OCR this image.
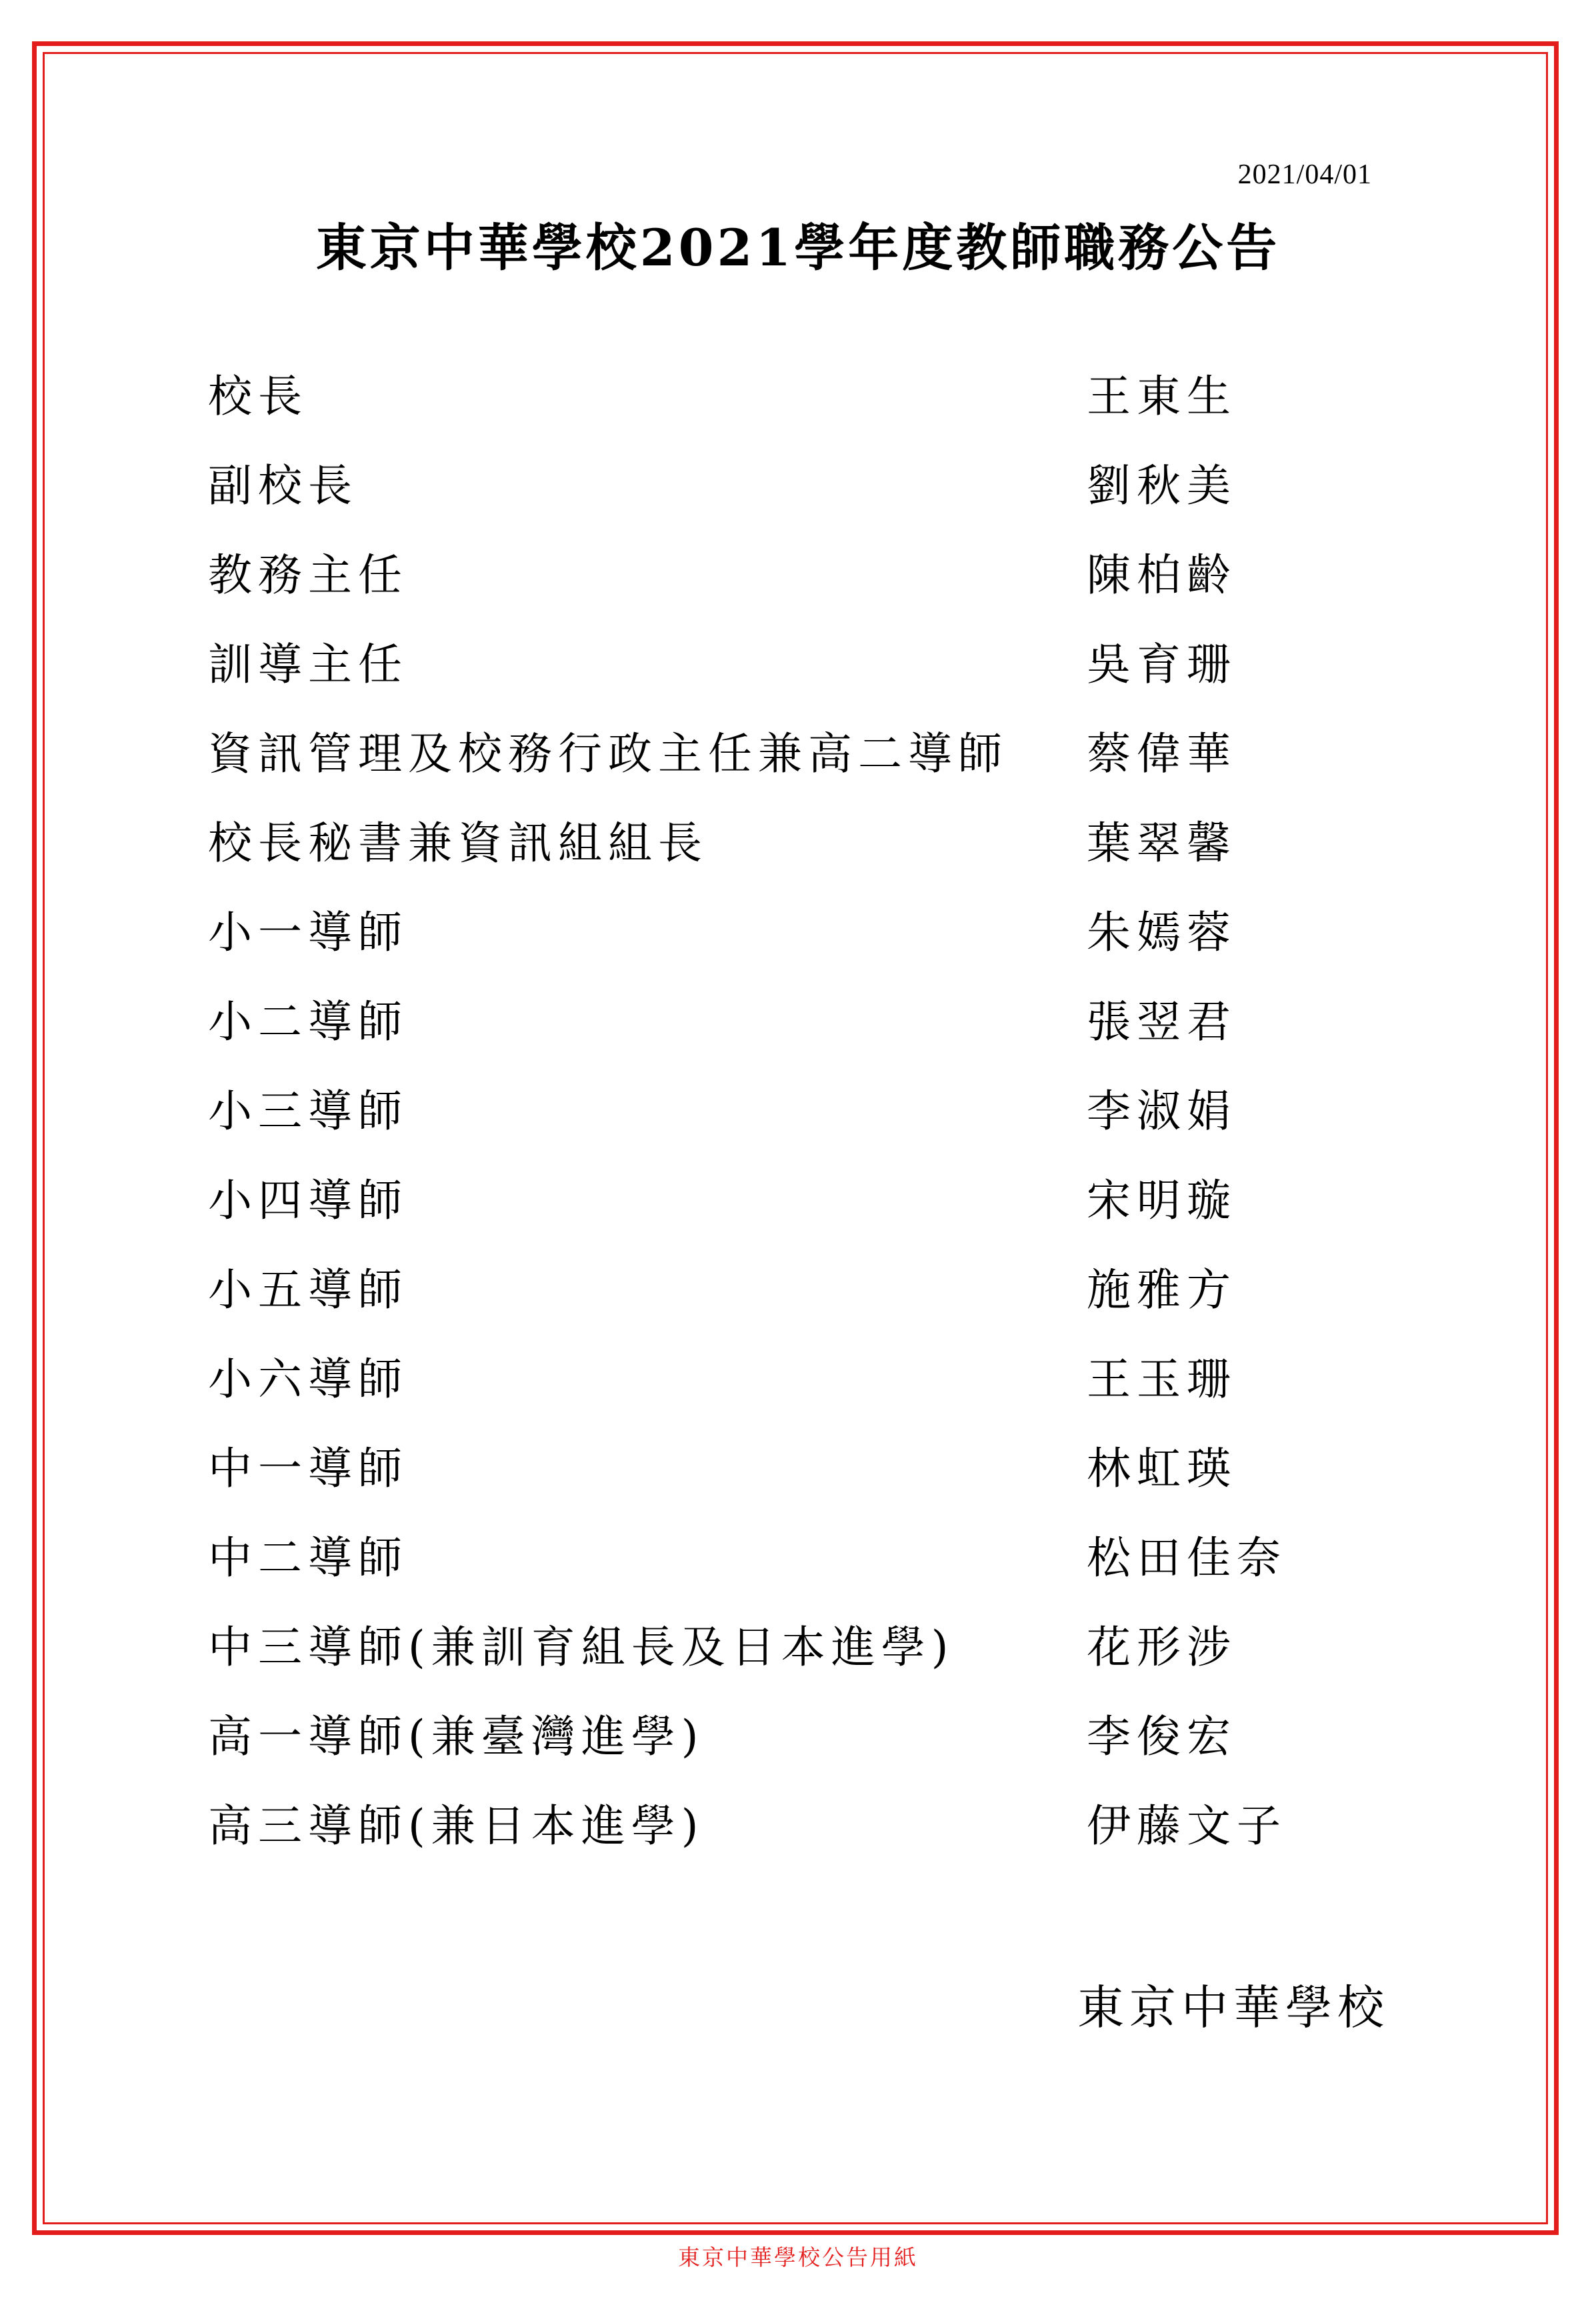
2021/04/01
東京中華學校2021學年度教師職務公告
校長	王東生
副校長	劉秋美
教務主任	陳柏齡
訓導主任	吳育珊
資訊管理及校務行政主任兼高二導師 蔡偉華
校長秘書兼資訊組組長	葉翠馨
小一導師	朱嫣蓉
小二導師	張翌君
小三導師	李淑娟
小四導師	宋明璇
小五導師	施雅方
小六導師	王玉珊
中一導師	林虹瑛
中二導師	松田佳奈
中三導師(兼訓育組長及日本進學)	花形涉
高一導師(兼臺灣進學)	李俊宏
高三導師(兼日本進學)	伊藤文子
東京中華學校
東京中華學校公告用紙
